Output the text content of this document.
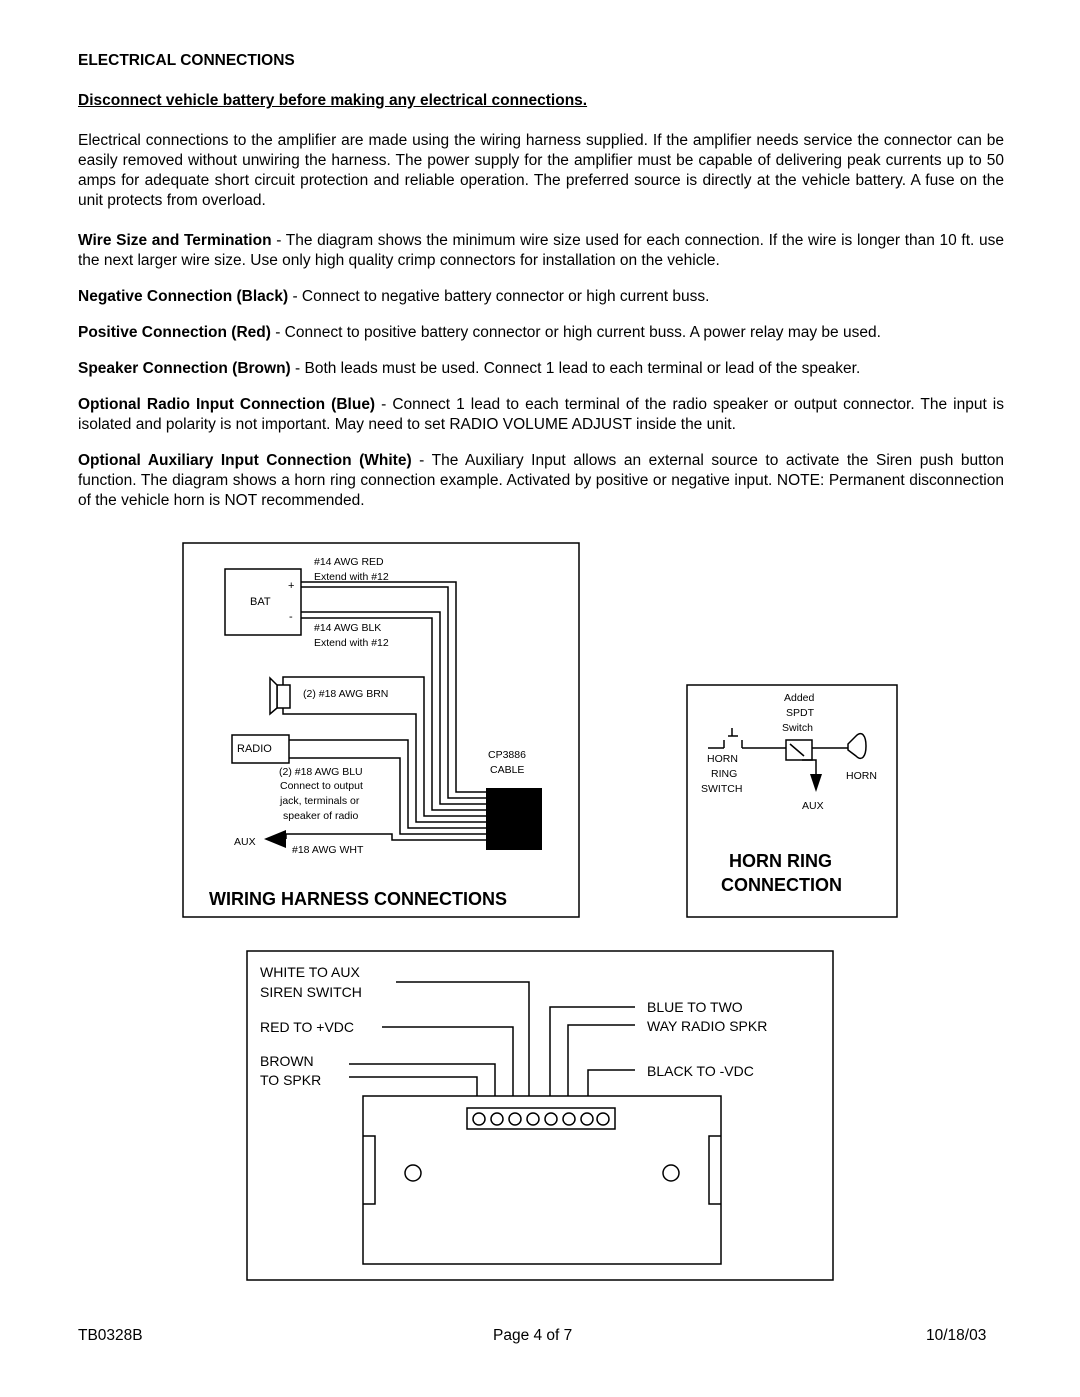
ELECTRICAL CONNECTIONS
Disconnect vehicle battery before making any electrical connections.

Electrical connections to the amplifier are made using the wiring harness supplied. If the amplifier needs service the connector can be easily removed without unwiring the harness. The power supply for the amplifier must be capable of delivering peak currents up to 50 amps for adequate short circuit protection and reliable operation. The preferred source is directly at the vehicle battery. A fuse on the unit protects from overload.

Wire Size and Termination - The diagram shows the minimum wire size used for each connection. If the wire is longer than 10 ft. use the next larger wire size. Use only high quality crimp connectors for installation on the vehicle.

Negative Connection (Black) - Connect to negative battery connector or high current buss.

Positive Connection (Red) - Connect to positive battery connector or high current buss. A power relay may be used.

Speaker Connection (Brown) - Both leads must be used. Connect 1 lead to each terminal or lead of the speaker.

Optional Radio Input Connection (Blue) - Connect 1 lead to each terminal of the radio speaker or output connector. The input is isolated and polarity is not important. May need to set RADIO VOLUME ADJUST inside the unit.

Optional Auxiliary Input Connection (White) - The Auxiliary Input allows an external source to activate the Siren push button function. The diagram shows a horn ring connection example. Activated by positive or negative input. NOTE: Permanent disconnection of the vehicle horn is NOT recommended.

BAT
+
-
#14 AWG RED
Extend with #12
#14 AWG BLK
Extend with #12
(2) #18 AWG BRN
RADIO
(2) #18 AWG BLU
Connect to output
jack, terminals or
speaker of radio
AUX
#18 AWG WHT
CP3886
CABLE
WIRING HARNESS CONNECTIONS
Added
SPDT
Switch
HORN
RING
SWITCH
AUX
HORN
HORN RING
CONNECTION
WHITE TO AUX
SIREN SWITCH
RED TO +VDC
BROWN
TO SPKR
BLUE TO TWO
WAY RADIO SPKR
BLACK TO -VDC
TB0328B	Page 4 of 7	10/18/03
